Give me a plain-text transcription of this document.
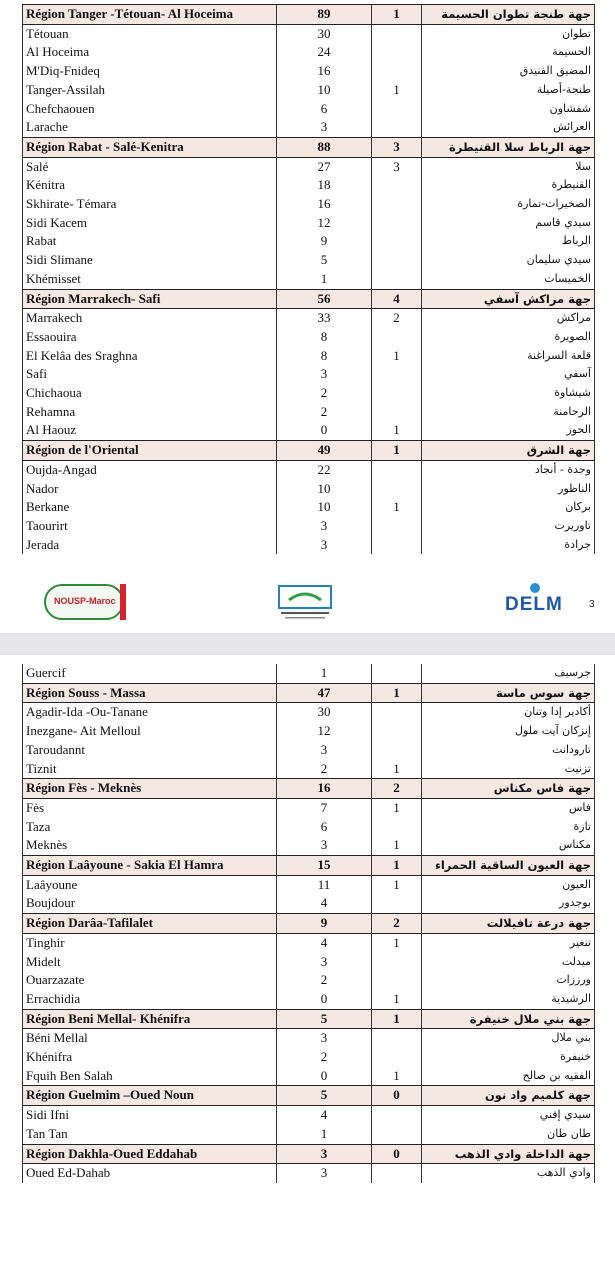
Région Tanger -Tétouan- Al Hoceima	89	1	جهة طنجة تطوان الحسيمة
Tétouan	30		تطوان
Al Hoceima	24		الحسيمة
M'Diq-Fnideq	16		المضيق الفنيدق
Tanger-Assilah	10	1	طنجة-أصيلة
Chefchaouen	6		شفشاون
Larache	3		العرائش
Région Rabat - Salé-Kenitra	88	3	جهة الرباط سلا القنيطرة
Salé	27	3	سلا
Kénitra	18		القنيطرة
Skhirate- Témara	16		الصخيرات-تمارة
Sidi Kacem	12		سيدي قاسم
Rabat	9		الرباط
Sidi Slimane	5		سيدي سليمان
Khémisset	1		الخميسات
Région Marrakech- Safi	56	4	جهة مراكش آسفي
Marrakech	33	2	مراكش
Essaouira	8		الصويرة
El Kelâa des Sraghna	8	1	قلعة السراغنة
Safi	3		آسفي
Chichaoua	2		شيشاوة
Rehamna	2		الرحامنة
Al Haouz	0	1	الحوز
Région de l'Oriental	49	1	جهة الشرق
Oujda-Angad	22		وجدة - أنجاد
Nador	10		الناظور
Berkane	10	1	بركان
Taourirt	3		تاوريرت
Jerada	3		جرادة
NOUSP-Maroc	DELM	3
Guercif	1		جرسيف
Région Souss - Massa	47	1	جهة سوس ماسة
Agadir-Ida -Ou-Tanane	30		أكادير إدا وتنان
Inezgane- Ait Melloul	12		إنزكان آيت ملول
Taroudannt	3		تارودانت
Tiznit	2	1	تزنيت
Région Fès - Meknès	16	2	جهة فاس مكناس
Fès	7	1	فاس
Taza	6		تازة
Meknès	3	1	مكناس
Région Laâyoune - Sakia El Hamra	15	1	جهة العيون الساقية الحمراء
Laâyoune	11	1	العيون
Boujdour	4		بوجدور
Région Darâa-Tafilalet	9	2	جهة درعة تافيلالت
Tinghir	4	1	تنغير
Midelt	3		ميدلت
Ouarzazate	2		ورززات
Errachidia	0	1	الرشيدية
Région Beni Mellal- Khénifra	5	1	جهة بني ملال خنيفرة
Béni Mellal	3		بني ملال
Khénifra	2		خنيفرة
Fquih Ben Salah	0	1	الفقيه بن صالح
Région Guelmim –Oued Noun	5	0	جهة كلميم واد نون
Sidi Ifni	4		سيدي إفني
Tan Tan	1		طان طان
Région Dakhla-Oued Eddahab	3	0	جهة الداخلة وادي الذهب
Oued Ed-Dahab	3		وادي الذهب
